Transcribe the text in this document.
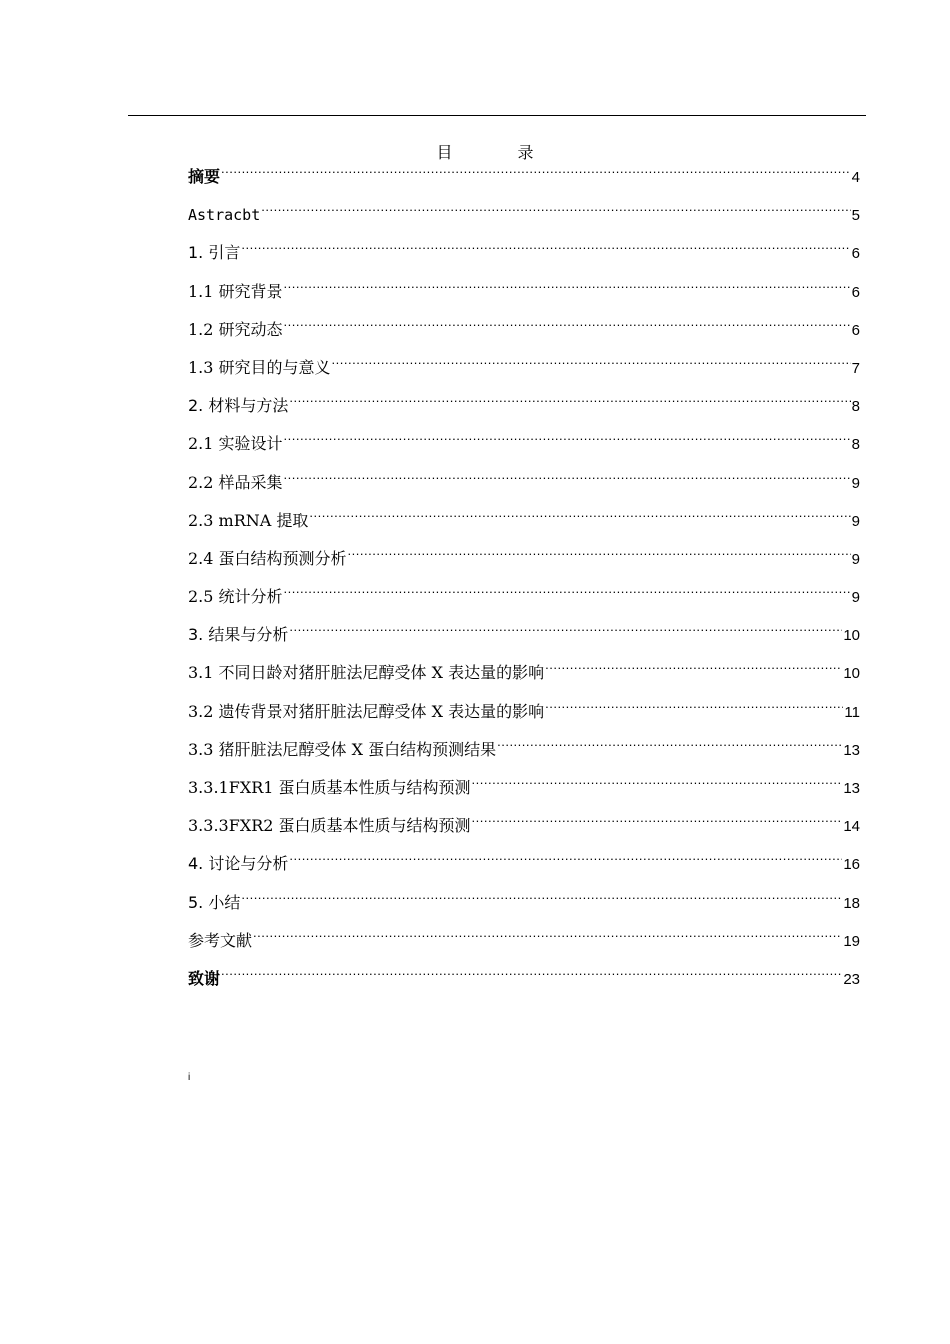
目 录
摘要 .....	4
Astracbt .....	5
1. 引言 .....	6
1.1 研究背景 .....	6
1.2 研究动态 .....	6
1.3 研究目的与意义 .....	7
2. 材料与方法 .....	8
2.1 实验设计 .....	8
2.2 样品采集 .....	9
2.3 mRNA 提取 .....	9
2.4 蛋白结构预测分析 .....	9
2.5 统计分析 .....	9
3. 结果与分析 .....	10
3.1 不同日龄对猪肝脏法尼醇受体 X 表达量的影响 .....	10
3.2 遗传背景对猪肝脏法尼醇受体 X 表达量的影响 .....	11
3.3 猪肝脏法尼醇受体 X 蛋白结构预测结果 .....	13
3.3.1FXR1 蛋白质基本性质与结构预测 .....	13
3.3.3FXR2 蛋白质基本性质与结构预测 .....	14
4. 讨论与分析 .....	16
5. 小结 .....	18
参考文献 .....	19
致谢 .....	23
i
